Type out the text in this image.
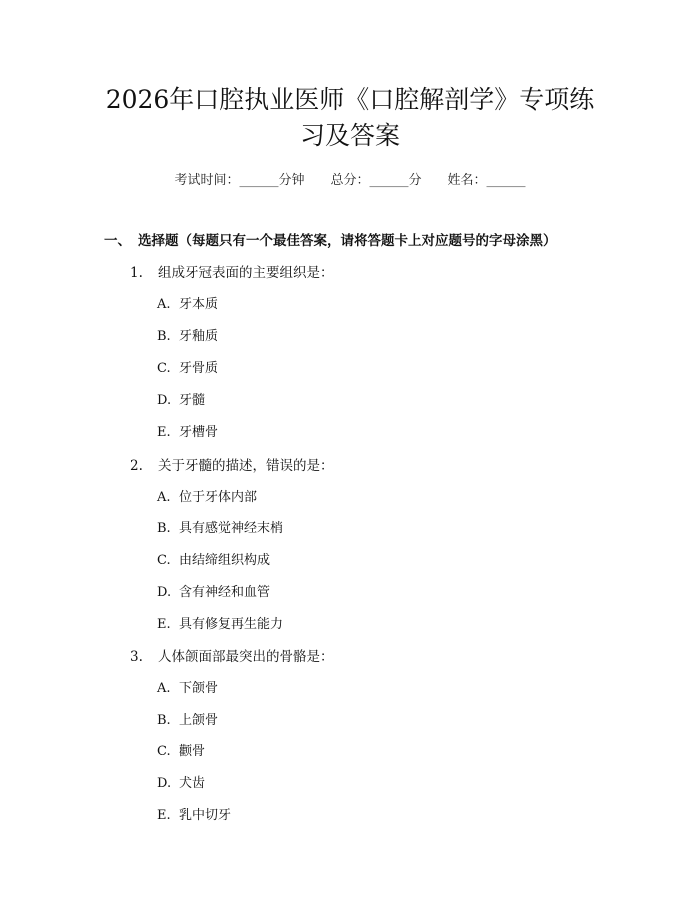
2026年口腔执业医师《口腔解剖学》专项练
习及答案
考试时间：______分钟 总分：______分 姓名：______
一、 选择题（每题只有一个最佳答案，请将答题卡上对应题号的字母涂黑）
1. 组成牙冠表面的主要组织是：
A. 牙本质
B. 牙釉质
C. 牙骨质
D. 牙髓
E. 牙槽骨
2. 关于牙髓的描述，错误的是：
A. 位于牙体内部
B. 具有感觉神经末梢
C. 由结缔组织构成
D. 含有神经和血管
E. 具有修复再生能力
3. 人体颌面部最突出的骨骼是：
A. 下颌骨
B. 上颌骨
C. 颧骨
D. 犬齿
E. 乳中切牙
